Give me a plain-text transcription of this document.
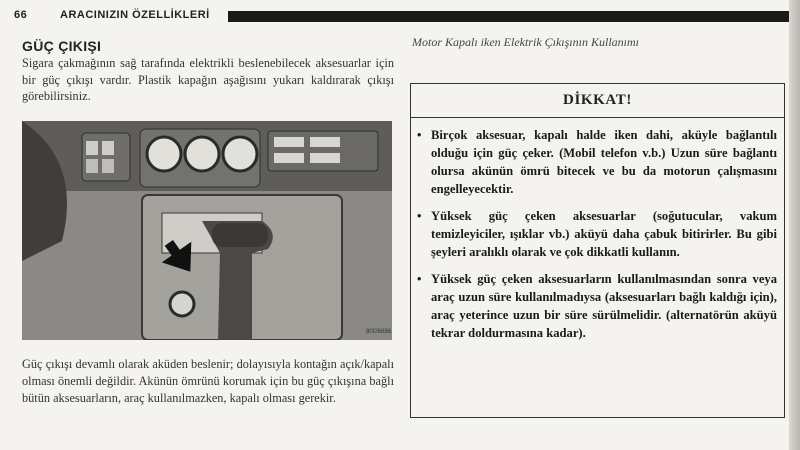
66	ARACINIZIN ÖZELLİKLERİ
GÜÇ ÇIKIŞI
Sigara çakmağının sağ tarafında elektrikli beslenebilecek aksesuarlar için bir güç çıkışı vardır. Plastik kapağın aşağısını yukarı kaldırarak çıkışı görebilirsiniz.
80f26886
Güç çıkışı devamlı olarak aküden beslenir; dolayısıyla kontağın açık/kapalı olması önemli değildir. Akünün ömrünü korumak için bu güç çıkışına bağlı bütün aksesuarların, araç kullanılmazken, kapalı olması gerekir.
Motor Kapalı iken Elektrik Çıkışının Kullanımı
DİKKAT!
• Birçok aksesuar, kapalı halde iken dahi, aküyle bağlantılı olduğu için güç çeker. (Mobil telefon v.b.) Uzun süre bağlantı olursa akünün ömrü bitecek ve bu da motorun çalışmasını engelleyecektir.
• Yüksek güç çeken aksesuarlar (soğutucular, vakum temizleyiciler, ışıklar vb.) aküyü daha çabuk bitirirler. Bu gibi şeyleri aralıklı olarak ve çok dikkatli kullanın.
• Yüksek güç çeken aksesuarların kullanılmasından sonra veya araç uzun süre kullanılmadıysa (aksesuarları bağlı kaldığı için), araç yeterince uzun bir süre sürülmelidir. (alternatörün aküyü tekrar doldurmasına kadar).
